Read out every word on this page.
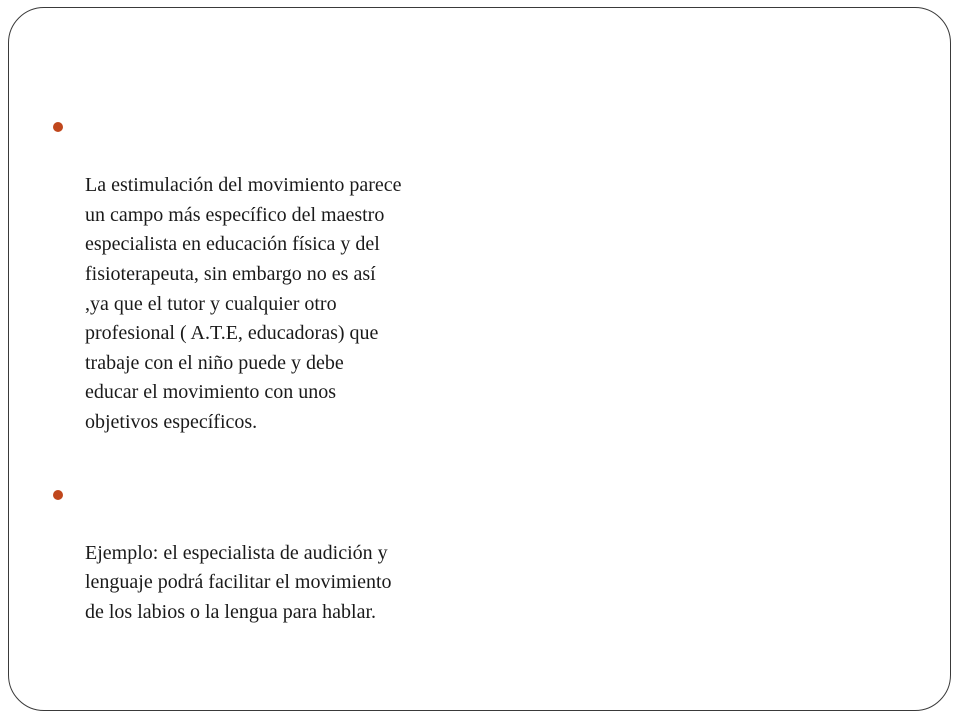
La estimulación del movimiento parece
un campo más específico del maestro
especialista en educación física y del
fisioterapeuta, sin embargo no es así
,ya que el tutor y cualquier otro
profesional ( A.T.E, educadoras) que
trabaje con el niño puede y debe
educar el movimiento con unos
objetivos específicos.

Ejemplo: el especialista de audición y
lenguaje podrá facilitar el movimiento
de los labios o la lengua para hablar.
